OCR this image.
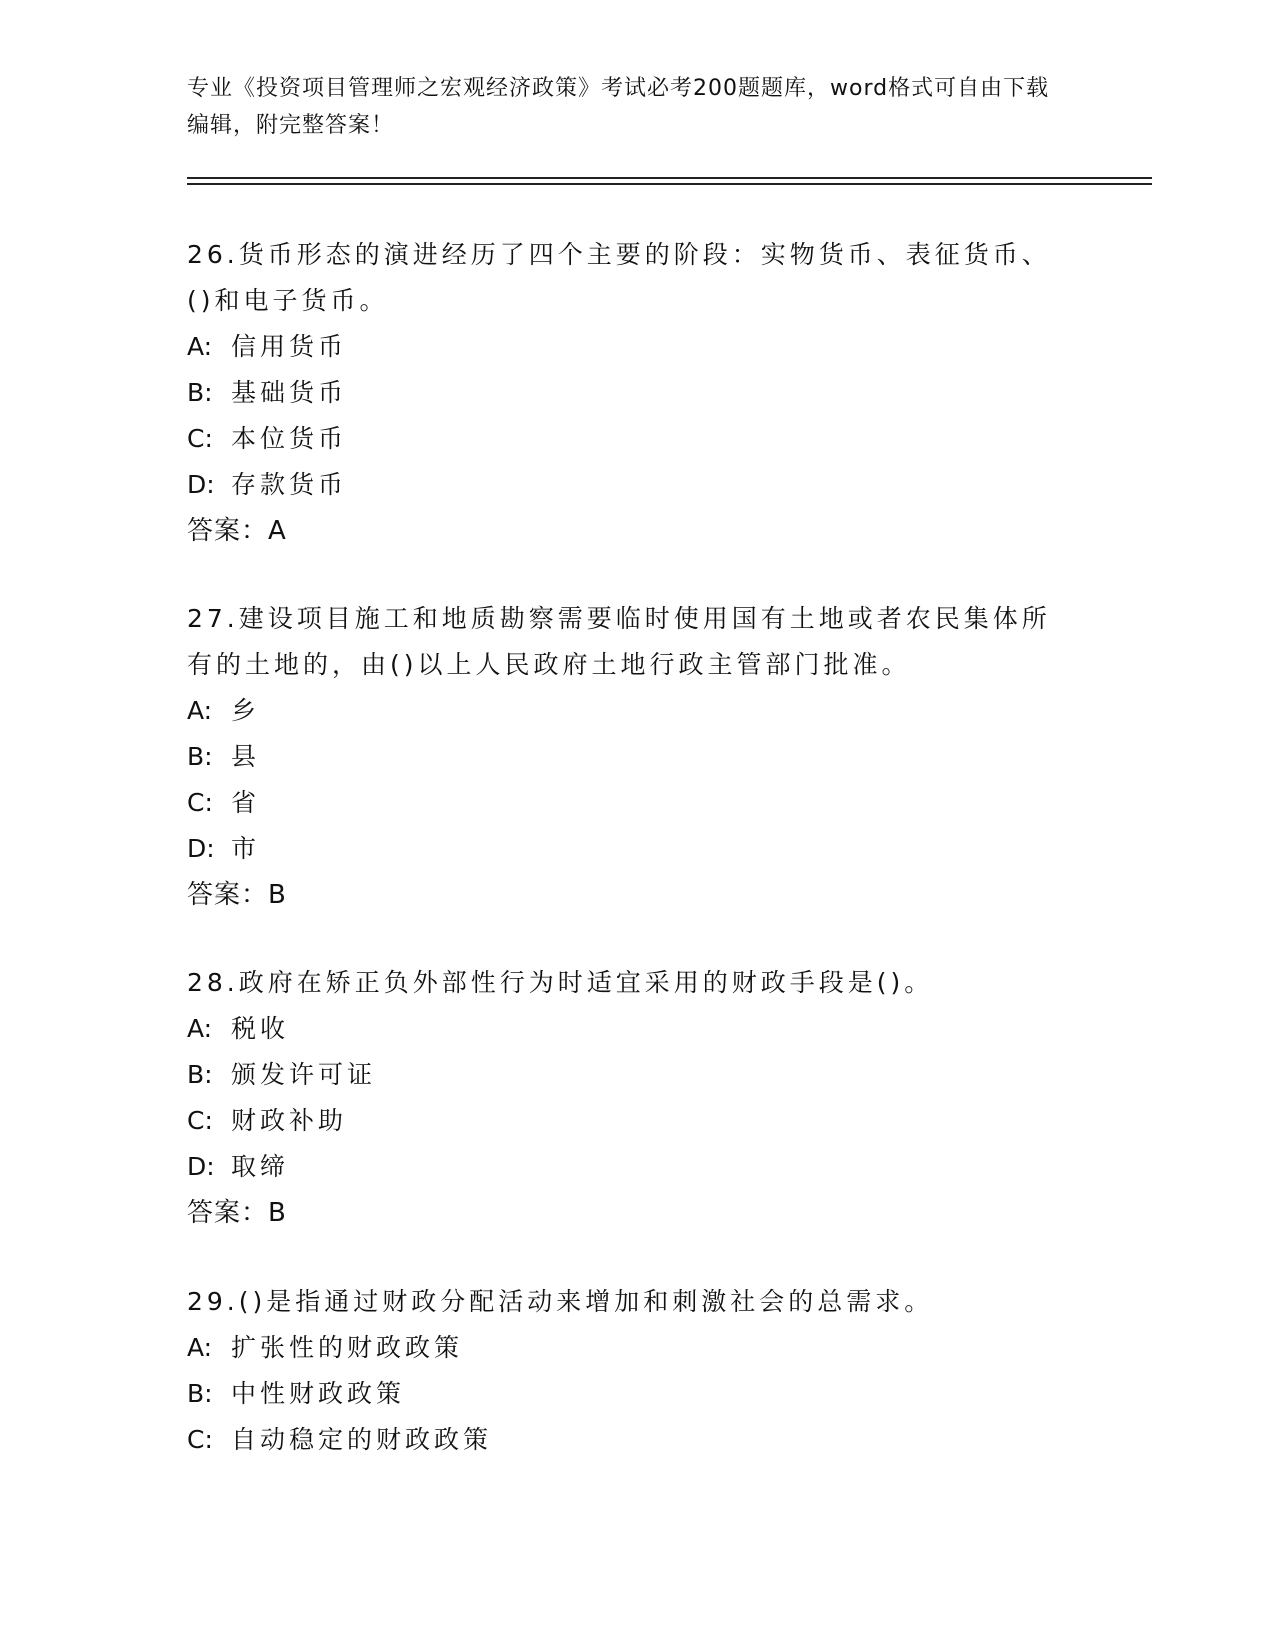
专业《投资项目管理师之宏观经济政策》考试必考200题题库，word格式可自由下载编辑，附完整答案！

26.货币形态的演进经历了四个主要的阶段：实物货币、表征货币、()和电子货币。

A: 信用货币

B: 基础货币

C: 本位货币

D: 存款货币

答案：A

27.建设项目施工和地质勘察需要临时使用国有土地或者农民集体所有的土地的，由()以上人民政府土地行政主管部门批准。

A: 乡

B: 县

C: 省

D: 市

答案：B

28.政府在矫正负外部性行为时适宜采用的财政手段是()。

A: 税收

B: 颁发许可证

C: 财政补助

D: 取缔

答案：B

29.()是指通过财政分配活动来增加和刺激社会的总需求。

A: 扩张性的财政政策

B: 中性财政政策

C: 自动稳定的财政政策
